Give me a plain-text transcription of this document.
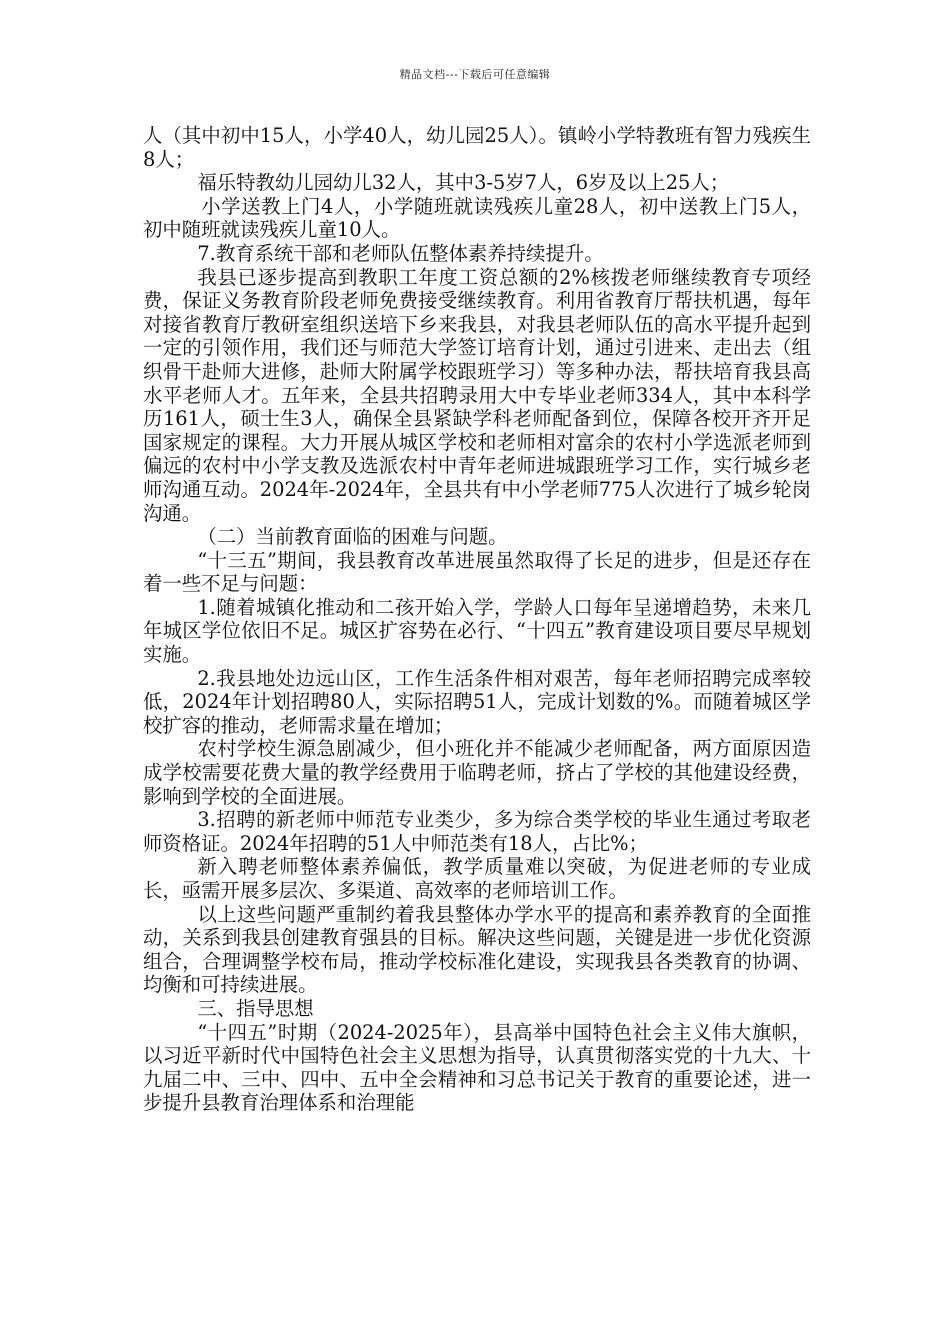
精品文档---下载后可任意编辑

人（其中初中15人，小学40人，幼儿园25人）。镇岭小学特教班有智力残疾生8人；

福乐特教幼儿园幼儿32人，其中3-5岁7人，6岁及以上25人；

小学送教上门4人，小学随班就读残疾儿童28人，初中送教上门5人，初中随班就读残疾儿童10人。

7.教育系统干部和老师队伍整体素养持续提升。

我县已逐步提高到教职工年度工资总额的2%核拨老师继续教育专项经费，保证义务教育阶段老师免费接受继续教育。利用省教育厅帮扶机遇，每年对接省教育厅教研室组织送培下乡来我县，对我县老师队伍的高水平提升起到一定的引领作用，我们还与师范大学签订培育计划，通过引进来、走出去（组织骨干赴师大进修，赴师大附属学校跟班学习）等多种办法，帮扶培育我县高水平老师人才。五年来，全县共招聘录用大中专毕业老师334人，其中本科学历161人，硕士生3人，确保全县紧缺学科老师配备到位，保障各校开齐开足国家规定的课程。大力开展从城区学校和老师相对富余的农村小学选派老师到偏远的农村中小学支教及选派农村中青年老师进城跟班学习工作，实行城乡老师沟通互动。2024年-2024年，全县共有中小学老师775人次进行了城乡轮岗沟通。

（二）当前教育面临的困难与问题。

“十三五”期间，我县教育改革进展虽然取得了长足的进步，但是还存在着一些不足与问题：

1.随着城镇化推动和二孩开始入学，学龄人口每年呈递增趋势，未来几年城区学位依旧不足。城区扩容势在必行、“十四五”教育建设项目要尽早规划实施。

2.我县地处边远山区，工作生活条件相对艰苦，每年老师招聘完成率较低，2024年计划招聘80人，实际招聘51人，完成计划数的%。而随着城区学校扩容的推动，老师需求量在增加；

农村学校生源急剧减少，但小班化并不能减少老师配备，两方面原因造成学校需要花费大量的教学经费用于临聘老师，挤占了学校的其他建设经费，影响到学校的全面进展。

3.招聘的新老师中师范专业类少，多为综合类学校的毕业生通过考取老师资格证。2024年招聘的51人中师范类有18人，占比%；

新入聘老师整体素养偏低，教学质量难以突破，为促进老师的专业成长，亟需开展多层次、多渠道、高效率的老师培训工作。

以上这些问题严重制约着我县整体办学水平的提高和素养教育的全面推动，关系到我县创建教育强县的目标。解决这些问题，关键是进一步优化资源组合，合理调整学校布局，推动学校标准化建设，实现我县各类教育的协调、均衡和可持续进展。

三、指导思想

“十四五”时期（2024-2025年），县高举中国特色社会主义伟大旗帜，以习近平新时代中国特色社会主义思想为指导，认真贯彻落实党的十九大、十九届二中、三中、四中、五中全会精神和习总书记关于教育的重要论述，进一步提升县教育治理体系和治理能
